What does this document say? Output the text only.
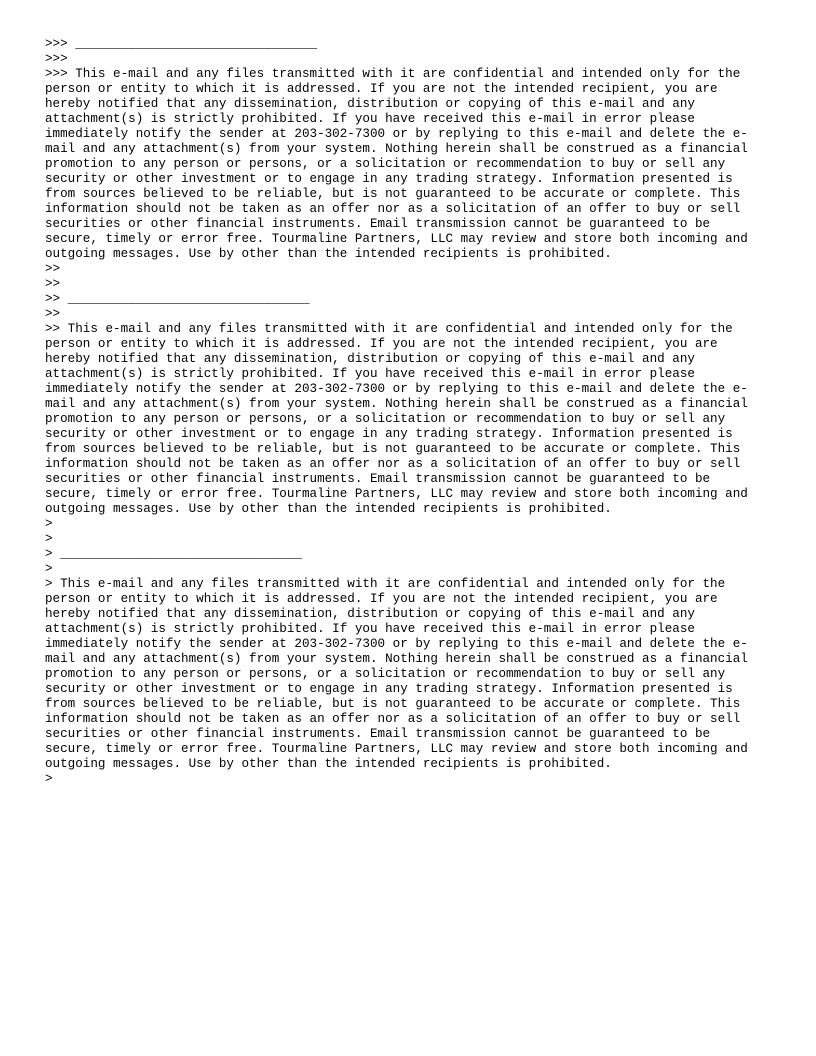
>>> ________________________________
>>>
>>> This e-mail and any files transmitted with it are confidential and intended only for the
person or entity to which it is addressed. If you are not the intended recipient, you are
hereby notified that any dissemination, distribution or copying of this e-mail and any
attachment(s) is strictly prohibited. If you have received this e-mail in error please
immediately notify the sender at 203-302-7300 or by replying to this e-mail and delete the e-
mail and any attachment(s) from your system. Nothing herein shall be construed as a financial
promotion to any person or persons, or a solicitation or recommendation to buy or sell any
security or other investment or to engage in any trading strategy. Information presented is
from sources believed to be reliable, but is not guaranteed to be accurate or complete. This
information should not be taken as an offer nor as a solicitation of an offer to buy or sell
securities or other financial instruments. Email transmission cannot be guaranteed to be
secure, timely or error free. Tourmaline Partners, LLC may review and store both incoming and
outgoing messages. Use by other than the intended recipients is prohibited.
>>
>>
>> ________________________________
>>
>> This e-mail and any files transmitted with it are confidential and intended only for the
person or entity to which it is addressed. If you are not the intended recipient, you are
hereby notified that any dissemination, distribution or copying of this e-mail and any
attachment(s) is strictly prohibited. If you have received this e-mail in error please
immediately notify the sender at 203-302-7300 or by replying to this e-mail and delete the e-
mail and any attachment(s) from your system. Nothing herein shall be construed as a financial
promotion to any person or persons, or a solicitation or recommendation to buy or sell any
security or other investment or to engage in any trading strategy. Information presented is
from sources believed to be reliable, but is not guaranteed to be accurate or complete. This
information should not be taken as an offer nor as a solicitation of an offer to buy or sell
securities or other financial instruments. Email transmission cannot be guaranteed to be
secure, timely or error free. Tourmaline Partners, LLC may review and store both incoming and
outgoing messages. Use by other than the intended recipients is prohibited.
>
>
> ________________________________
>
> This e-mail and any files transmitted with it are confidential and intended only for the
person or entity to which it is addressed. If you are not the intended recipient, you are
hereby notified that any dissemination, distribution or copying of this e-mail and any
attachment(s) is strictly prohibited. If you have received this e-mail in error please
immediately notify the sender at 203-302-7300 or by replying to this e-mail and delete the e-
mail and any attachment(s) from your system. Nothing herein shall be construed as a financial
promotion to any person or persons, or a solicitation or recommendation to buy or sell any
security or other investment or to engage in any trading strategy. Information presented is
from sources believed to be reliable, but is not guaranteed to be accurate or complete. This
information should not be taken as an offer nor as a solicitation of an offer to buy or sell
securities or other financial instruments. Email transmission cannot be guaranteed to be
secure, timely or error free. Tourmaline Partners, LLC may review and store both incoming and
outgoing messages. Use by other than the intended recipients is prohibited.
>
